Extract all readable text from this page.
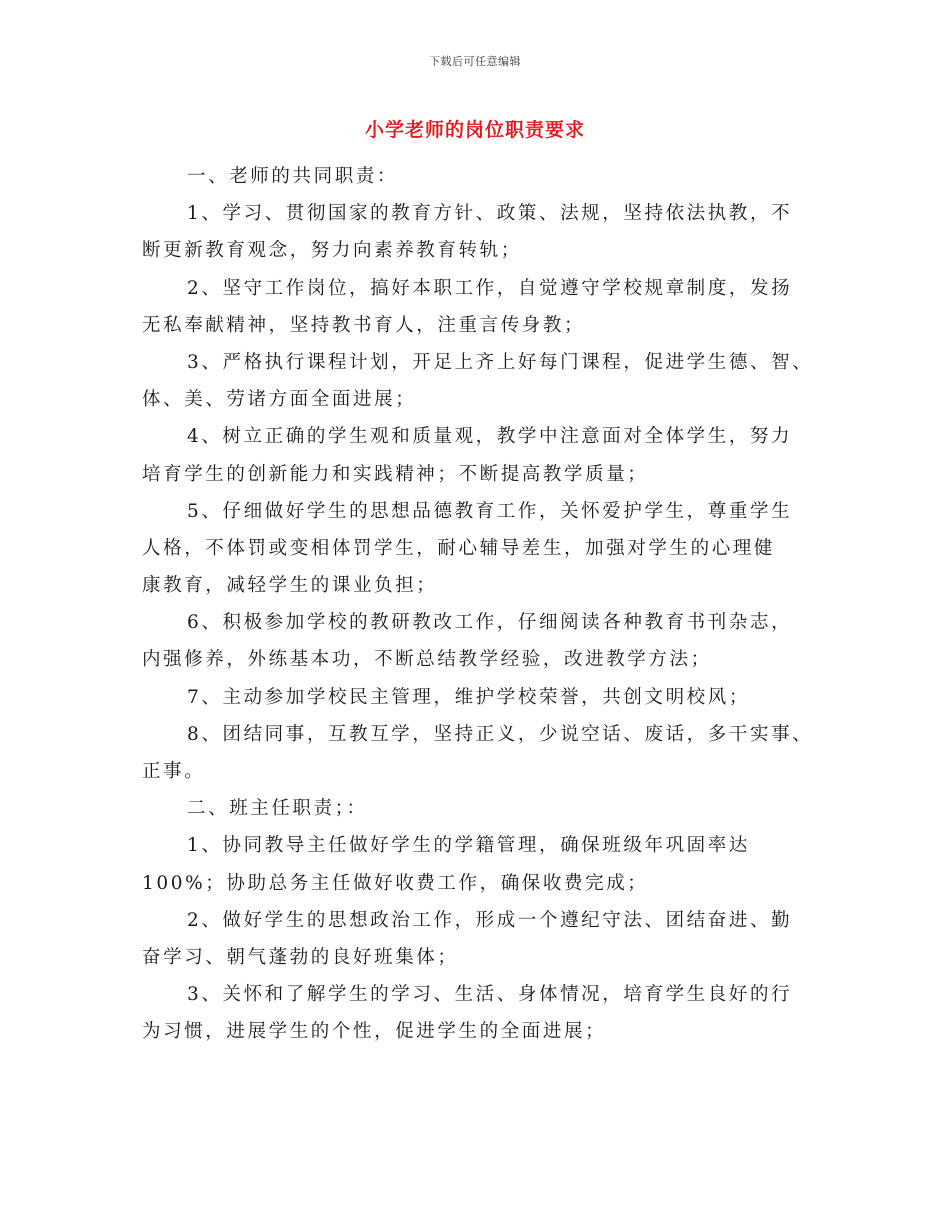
下载后可任意编辑
小学老师的岗位职责要求
一、老师的共同职责：
1、学习、贯彻国家的教育方针、政策、法规，坚持依法执教，不
断更新教育观念，努力向素养教育转轨；
2、坚守工作岗位，搞好本职工作，自觉遵守学校规章制度，发扬
无私奉献精神，坚持教书育人，注重言传身教；
3、严格执行课程计划，开足上齐上好每门课程，促进学生德、智、
体、美、劳诸方面全面进展；
4、树立正确的学生观和质量观，教学中注意面对全体学生，努力
培育学生的创新能力和实践精神；不断提高教学质量；
5、仔细做好学生的思想品德教育工作，关怀爱护学生，尊重学生
人格，不体罚或变相体罚学生，耐心辅导差生，加强对学生的心理健
康教育，减轻学生的课业负担；
6、积极参加学校的教研教改工作，仔细阅读各种教育书刊杂志，
内强修养，外练基本功，不断总结教学经验，改进教学方法；
7、主动参加学校民主管理，维护学校荣誉，共创文明校风；
8、团结同事，互教互学，坚持正义，少说空话、废话，多干实事、
正事。
二、班主任职责；：
1、协同教导主任做好学生的学籍管理，确保班级年巩固率达
100%；协助总务主任做好收费工作，确保收费完成；
2、做好学生的思想政治工作，形成一个遵纪守法、团结奋进、勤
奋学习、朝气蓬勃的良好班集体；
3、关怀和了解学生的学习、生活、身体情况，培育学生良好的行
为习惯，进展学生的个性，促进学生的全面进展；
